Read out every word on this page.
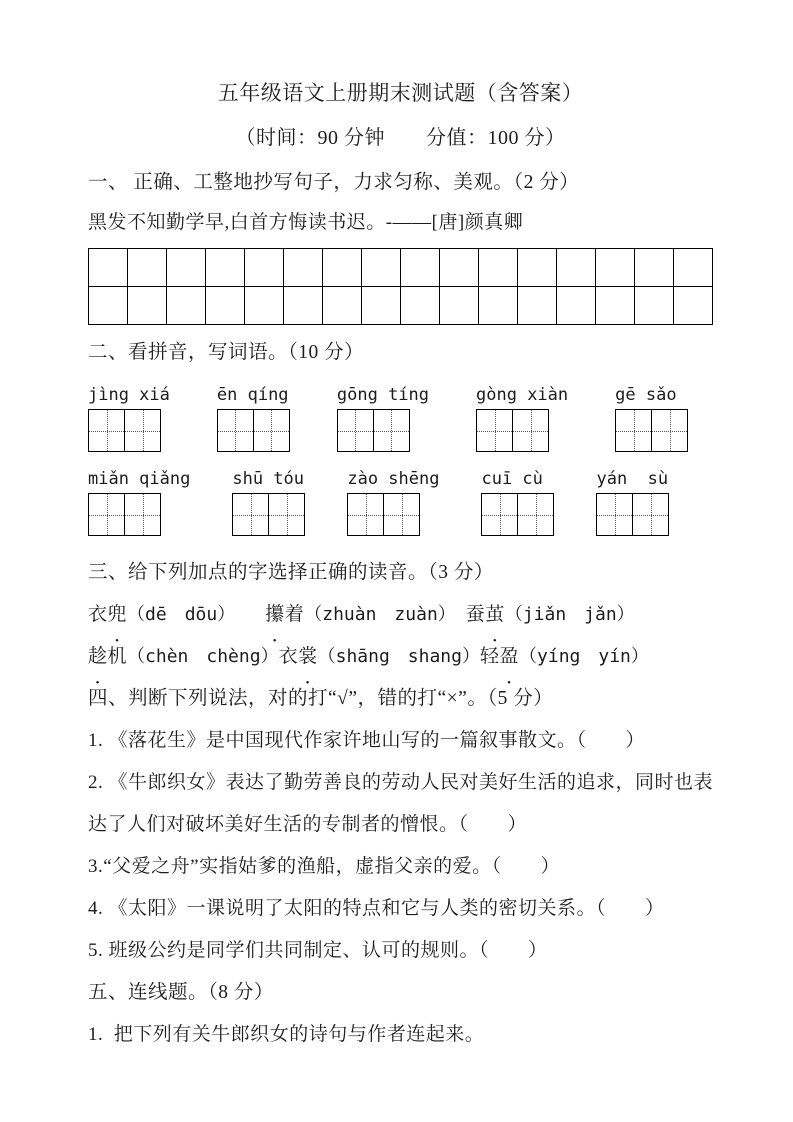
五年级语文上册期末测试题（含答案）

（时间：90 分钟　　分值：100 分）

一、 正确、工整地抄写句子，力求匀称、美观。（2 分）

黑发不知勤学早,白首方悔读书迟。-——[唐]颜真卿

二、看拼音，写词语。（10 分）

jìng xiá	ēn qíng	gōng tíng	gòng xiàn	gē sǎo
miǎn qiǎng shū tóu	zào shēng cuī cù	yán  sù

三、给下列加点的字选择正确的读音。（3 分）

衣兜（dē　dōu） 攥着（zhuàn　zuàn） 蚕茧（jiǎn　jǎn）

趁机（chèn　chèng）衣裳（shāng　shang）轻盈（yíng　yín）

四、判断下列说法，对的打“√”，错的打“×”。（5 分）

1. 《落花生》是中国现代作家许地山写的一篇叙事散文。（　　）

2. 《牛郎织女》表达了勤劳善良的劳动人民对美好生活的追求，同时也表达了人们对破坏美好生活的专制者的憎恨。（　　）

3.“父爱之舟”实指姑爹的渔船，虚指父亲的爱。（　　）

4. 《太阳》一课说明了太阳的特点和它与人类的密切关系。（　　）

5. 班级公约是同学们共同制定、认可的规则。（　　）

五、连线题。（8 分）

1.  把下列有关牛郎织女的诗句与作者连起来。
